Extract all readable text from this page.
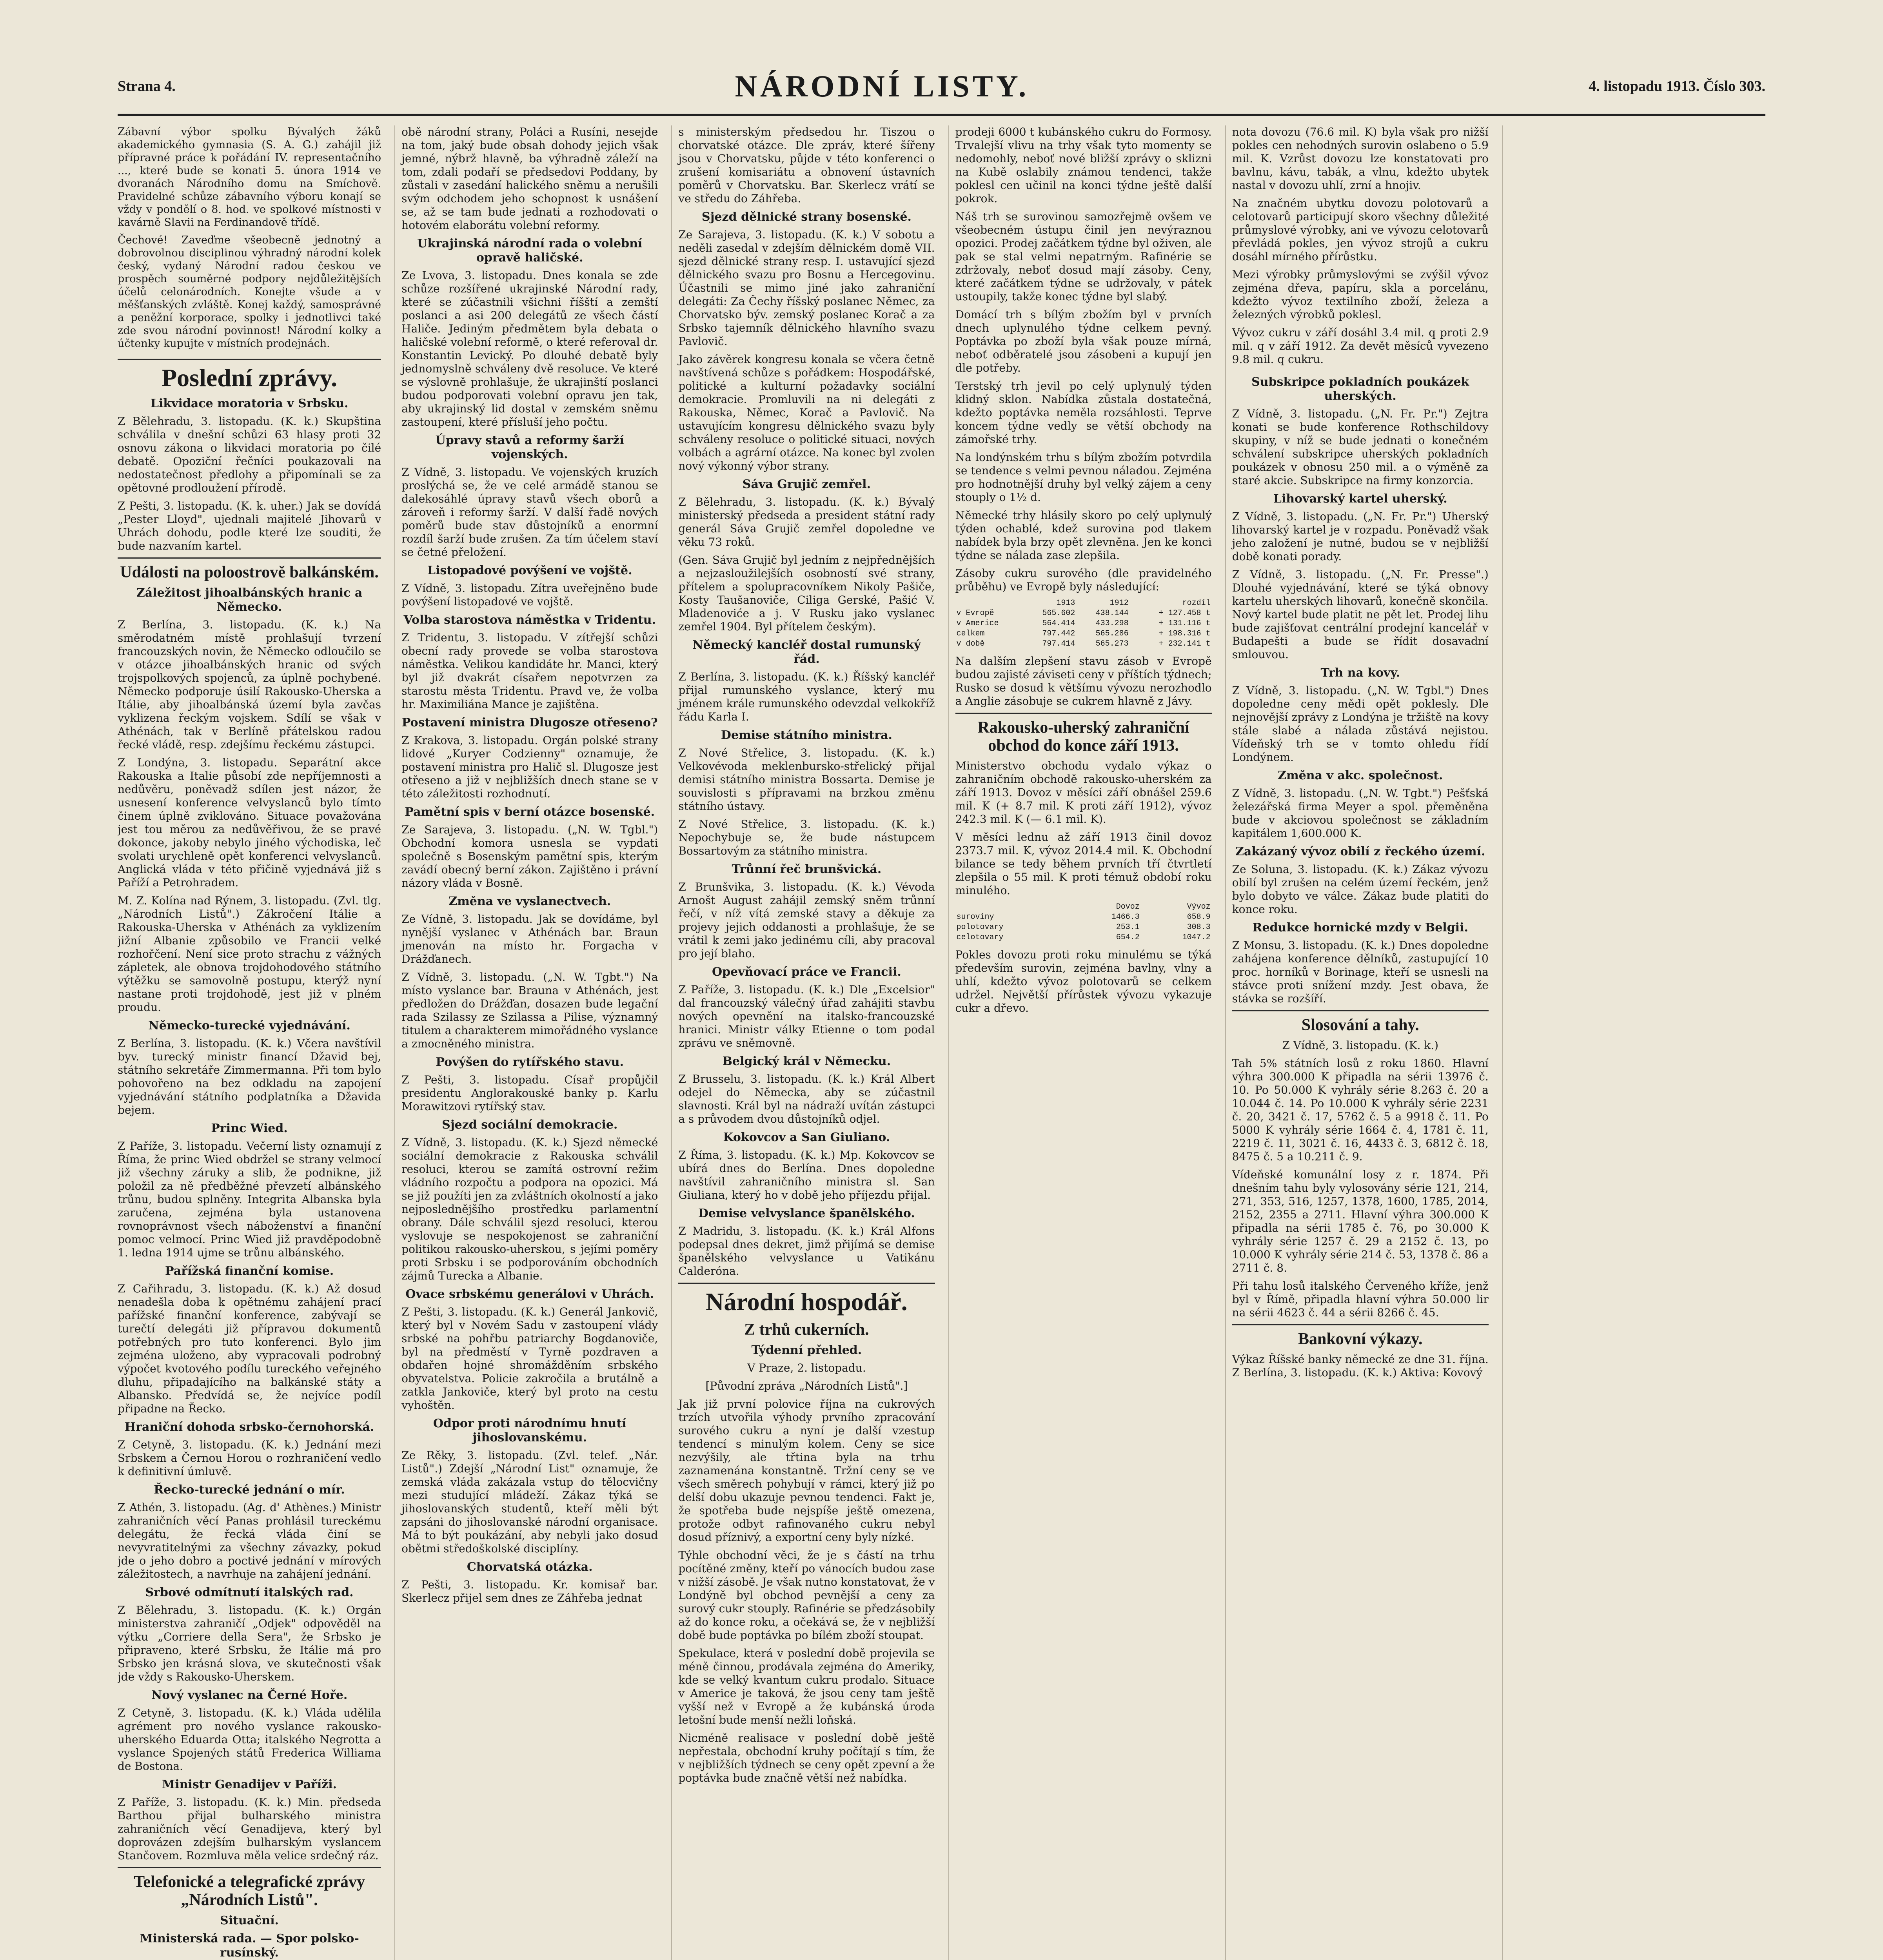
Strana 4.	NÁRODNÍ LISTY.	4. listopadu 1913. Číslo 303.

Zábavní výbor spolku Bývalých žáků akademického gymnasia (S. A. G.) zahájil již přípravné práce k pořádání IV. representačního ..., které bude se konati 5. února 1914 ve dvoranách Národního domu na Smíchově. Pravidelné schůze zábavního výboru konají se vždy v pondělí o 8. hod. ve spolkové místnosti v kavárně Slavii na Ferdinandově třídě.

Čechové! Zaveďme všeobecně jednotný a dobrovolnou disciplinou výhradný národní kolek český, vydaný Národní radou českou ve prospěch souměrné podpory nejdůležitějších účelů celonárodních. Konejte všude a v měšťanských zvláště. Konej každý, samosprávné a peněžní korporace, spolky i jednotlivci také zde svou národní povinnost! Národní kolky a účtenky kupujte v místních prodejnách.

Poslední zprávy.
Likvidace moratoria v Srbsku.

Z Bělehradu, 3. listopadu. (K. k.) Skupština schválila v dnešní schůzi 63 hlasy proti 32 osnovu zákona o likvidaci moratoria po čilé debatě. Opoziční řečníci poukazovali na nedostatečnost předlohy a připomínali se za opětovné prodloužení přírodě.

Z Pešti, 3. listopadu. (K. k. uher.) Jak se dovídá „Pester Lloyd", ujednali majitelé Jihovarů v Uhrách dohodu, podle které lze souditi, že bude nazvaním kartel.

Události na poloostrově balkánském.
Záležitost jihoalbánských hranic a Německo.

Z Berlína, 3. listopadu. (K. k.) Na směrodatném místě prohlašují tvrzení francouzských novin, že Německo odloučilo se v otázce jihoalbánských hranic od svých trojspolkových spojenců, za úplně pochybené. Německo podporuje úsilí Rakousko-Uherska a Itálie, aby jihoalbánská území byla zavčas vyklizena řeckým vojskem. Sdílí se však v Athénách, tak v Berlíně přátelskou radou řecké vládě, resp. zdejšímu řeckému zástupci.

Z Londýna, 3. listopadu. Separátní akce Rakouska a Italie působí zde nepříjemnosti a nedůvěru, poněvadž sdílen jest názor, že usnesení konference velvyslanců bylo tímto činem úplně zviklováno. Situace považována jest tou měrou za nedůvěřivou, že se pravé dokonce, jakoby nebylo jiného východiska, leč svolati urychleně opět konferenci velvyslanců. Anglická vláda v této přičině vyjednává již s Paříží a Petrohradem.

M. Z. Kolína nad Rýnem, 3. listopadu. (Zvl. tlg. „Národních Listů".) Zákročení Itálie a Rakouska-Uherska v Athénách za vyklizením jižní Albanie způsobilo ve Francii velké rozhořčení. Není sice proto strachu z vážných zápletek, ale obnova trojdohodového státního výtěžku se samovolně postupu, kterýž nyní nastane proti trojdohodě, jest již v plném proudu.

Německo-turecké vyjednávání.

Z Berlína, 3. listopadu. (K. k.) Včera navštívil byv. turecký ministr financí Džavid bej, státního sekretáře Zimmermanna. Při tom bylo pohovořeno na bez odkladu na zapojení vyjednávání státního podplatníka a Džavida bejem.

Princ Wied.

Z Paříže, 3. listopadu. Večerní listy oznamují z Říma, že princ Wied obdržel se strany velmocí již všechny záruky a slib, že podnikne, již položil za ně předběžné převzetí albánského trůnu, budou splněny. Integrita Albanska byla zaručena, zejména byla ustanovena rovnoprávnost všech náboženství a finanční pomoc velmocí. Princ Wied již pravděpodobně 1. ledna 1914 ujme se trůnu albánského.

Pařížská finanční komise.

Z Cařihradu, 3. listopadu. (K. k.) Až dosud nenadešla doba k opětnému zahájení prací pařížské finanční konference, zabývají se turečtí delegáti již přípravou dokumentů potřebných pro tuto konferenci. Bylo jim zejména uloženo, aby vypracovali podrobný výpočet kvotového podílu tureckého veřejného dluhu, připadajícího na balkánské státy a Albansko. Předvídá se, že nejvíce podíl připadne na Řecko.

Hraniční dohoda srbsko-černohorská.

Z Cetyně, 3. listopadu. (K. k.) Jednání mezi Srbskem a Černou Horou o rozhraničení vedlo k definitivní úmluvě.

Řecko-turecké jednání o mír.

Z Athén, 3. listopadu. (Ag. d' Athènes.) Ministr zahraničních věcí Panas prohlásil tureckému delegátu, že řecká vláda činí se nevyvratitelnými za všechny závazky, pokud jde o jeho dobro a poctivé jednání v mírových záležitostech, a navrhuje na zahájení jednání.

Srbové odmítnutí italských rad.

Z Bělehradu, 3. listopadu. (K. k.) Orgán ministerstva zahraničí „Odjek" odpověděl na výtku „Corriere della Sera", že Srbsko je připraveno, které Srbsku, že Itálie má pro Srbsko jen krásná slova, ve skutečnosti však jde vždy s Rakousko-Uherskem.

Nový vyslanec na Černé Hoře.

Z Cetyně, 3. listopadu. (K. k.) Vláda udělila agrément pro nového vyslance rakousko-uherského Eduarda Otta; italského Negrotta a vyslance Spojených států Frederica Williama de Bostona.

Ministr Genadijev v Paříži.

Z Paříže, 3. listopadu. (K. k.) Min. předseda Barthou přijal bulharského ministra zahraničních věcí Genadijeva, který byl doprovázen zdejším bulharským vyslancem Stančovem. Rozmluva měla velice srdečný ráz.

Telefonické a telegrafické zprávy „Národních Listů".
Situační.
Ministerská rada. — Spor polsko-rusínský.

obě národní strany, Poláci a Rusíni, nesejde na tom, jaký bude obsah dohody jejich však jemné, nýbrž hlavně, ba výhradně záleží na tom, zdali podaří se předsedovi Poddany, by zůstali v zasedání halického sněmu a nerušili svým odchodem jeho schopnost k usnášení se, až se tam bude jednati a rozhodovati o hotovém elaborátu volební reformy.

Ukrajinská národní rada o volební opravě haličské.

Ze Lvova, 3. listopadu. Dnes konala se zde schůze rozšířené ukrajinské Národní rady, které se zúčastnili všichni říšští a zemští poslanci a asi 200 delegátů ze všech částí Haliče. Jediným předmětem byla debata o haličské volební reformě, o které referoval dr. Konstantin Levický. Po dlouhé debatě byly jednomyslně schváleny dvě resoluce. Ve které se výslovně prohlašuje, že ukrajinští poslanci budou podporovati volební opravu jen tak, aby ukrajinský lid dostal v zemském sněmu zastoupení, které přísluší jeho počtu.

Úpravy stavů a reformy šarží vojenských.

Z Vídně, 3. listopadu. Ve vojenských kruzích proslýchá se, že ve celé armádě stanou se dalekosáhlé úpravy stavů všech oborů a zároveň i reformy šarží. V další řadě nových poměrů bude stav důstojníků a enormní rozdíl šarží bude zrušen. Za tím účelem staví se četné přeložení.

Listopadové povýšení ve vojště.

Z Vídně, 3. listopadu. Zítra uveřejněno bude povýšení listopadové ve vojště.

Volba starostova náměstka v Tridentu.

Z Tridentu, 3. listopadu. V zítřejší schůzi obecní rady provede se volba starostova náměstka. Velikou kandidáte hr. Manci, který byl již dvakrát císařem nepotvrzen za starostu města Tridentu. Pravd ve, že volba hr. Maximiliána Mance je zajištěna.

Postavení ministra Dlugosze otřeseno?

Z Krakova, 3. listopadu. Orgán polské strany lidové „Kuryer Codzienny" oznamuje, že postavení ministra pro Halič sl. Dlugosze jest otřeseno a již v nejbližších dnech stane se v této záležitosti rozhodnutí.

Pamětní spis v berní otázce bosenské.

Ze Sarajeva, 3. listopadu. („N. W. Tgbl.") Obchodní komora usnesla se vypdati společně s Bosenským pamětní spis, kterým zavádí obecný berní zákon. Zajištěno i právní názory vláda v Bosně.

Změna ve vyslanectvech.

Ze Vídně, 3. listopadu. Jak se dovídáme, byl nynější vyslanec v Athénách bar. Braun jmenován na místo hr. Forgacha v Drážďanech.

Z Vídně, 3. listopadu. („N. W. Tgbt.") Na místo vyslance bar. Brauna v Athénách, jest předložen do Drážďan, dosazen bude legační rada Szilassy ze Szilassa a Pilise, významný titulem a charakterem mimořádného vyslance a zmocněného ministra.

Povýšen do rytířského stavu.

Z Pešti, 3. listopadu. Císař propůjčil presidentu Anglorakouské banky p. Karlu Morawitzovi rytířský stav.

Sjezd sociální demokracie.

Z Vídně, 3. listopadu. (K. k.) Sjezd německé sociální demokracie z Rakouska schválil resoluci, kterou se zamítá ostrovní režim vládního rozpočtu a podpora na opozici. Má se již použíti jen za zvláštních okolností a jako nejposlednějšího prostředku parlamentní obrany. Dále schválil sjezd resoluci, kterou vyslovuje se nespokojenost se zahraniční politikou rakousko-uherskou, s jejími poměry proti Srbsku i se podporováním obchodních zájmů Turecka a Albanie.

Ovace srbskému generálovi v Uhrách.

Z Pešti, 3. listopadu. (K. k.) Generál Jankovič, který byl v Novém Sadu v zastoupení vlády srbské na pohřbu patriarchy Bogdanoviče, byl na předměstí v Tyrně pozdraven a obdařen hojné shromážděním srbského obyvatelstva. Policie zakročila a brutálně a zatkla Jankoviče, který byl proto na cestu vyhoštěn.

Odpor proti národnímu hnutí jihoslovanskému.

Ze Rěky, 3. listopadu. (Zvl. telef. „Nár. Listů".) Zdejší „Národní List" oznamuje, že zemská vláda zakázala vstup do tělocvičny mezi studující mládeží. Zákaz týká se jihoslovanských studentů, kteří měli být zapsáni do jihoslovanské národní organisace. Má to být poukázání, aby nebyli jako dosud obětmi středoškolské disciplíny.

Chorvatská otázka.

Z Pešti, 3. listopadu. Kr. komisař bar. Skerlecz přijel sem dnes ze Záhřeba jednat

s ministerským předsedou hr. Tiszou o chorvatské otázce. Dle zpráv, které šířeny jsou v Chorvatsku, půjde v této konferenci o zrušení komisariátu a obnovení ústavních poměrů v Chorvatsku. Bar. Skerlecz vrátí se ve středu do Záhřeba.

Sjezd dělnické strany bosenské.

Ze Sarajeva, 3. listopadu. (K. k.) V sobotu a neděli zasedal v zdejším dělnickém domě VII. sjezd dělnické strany resp. I. ustavující sjezd dělnického svazu pro Bosnu a Hercegovinu. Účastnili se mimo jiné jako zahraniční delegáti: Za Čechy říšský poslanec Němec, za Chorvatsko býv. zemský poslanec Korač a za Srbsko tajemník dělnického hlavního svazu Pavlovič.

Jako závěrek kongresu konala se včera četně navštívená schůze s pořádkem: Hospodářské, politické a kulturní požadavky sociální demokracie. Promluvili na ni delegáti z Rakouska, Němec, Korač a Pavlovič. Na ustavujícím kongresu dělnického svazu byly schváleny resoluce o politické situaci, nových volbách a agrární otázce. Na konec byl zvolen nový výkonný výbor strany.

Sáva Grujič zemřel.

Z Bělehradu, 3. listopadu. (K. k.) Bývalý ministerský předseda a president státní rady generál Sáva Grujič zemřel dopoledne ve věku 73 roků.

(Gen. Sáva Grujič byl jedním z nejpřednějších a nejzasloužilejších osobností své strany, přítelem a spolupracovníkem Nikoly Pašiče, Kosty Taušanoviče, Ciliga Gerské, Pašić V. Mladenoviće a j. V Rusku jako vyslanec zemřel 1904. Byl přítelem českým).

Německý kancléř dostal rumunský řád.

Z Berlína, 3. listopadu. (K. k.) Říšský kancléř přijal rumunského vyslance, který mu jménem krále rumunského odevzdal velkokříž řádu Karla I.

Demise státního ministra.

Z Nové Střelice, 3. listopadu. (K. k.) Velkovévoda meklenbursko-střelický přijal demisi státního ministra Bossarta. Demise je souvislosti s přípravami na brzkou změnu státního ústavy.

Z Nové Střelice, 3. listopadu. (K. k.) Nepochybuje se, že bude nástupcem Bossartovým za státního ministra.

Trůnní řeč brunšvická.

Z Brunšvika, 3. listopadu. (K. k.) Vévoda Arnošt August zahájil zemský sněm trůnní řečí, v níž vítá zemské stavy a děkuje za projevy jejich oddanosti a prohlašuje, že se vrátil k zemi jako jedinému cíli, aby pracoval pro její blaho.

Opevňovací práce ve Francii.

Z Paříže, 3. listopadu. (K. k.) Dle „Excelsior" dal francouzský válečný úřad zahájiti stavbu nových opevnění na italsko-francouzské hranici. Ministr války Etienne o tom podal zprávu ve sněmovně.

Belgický král v Německu.

Z Brusselu, 3. listopadu. (K. k.) Král Albert odejel do Německa, aby se zúčastnil slavnosti. Král byl na nádraží uvítán zástupci a s průvodem dvou důstojníků odjel.

Kokovcov a San Giuliano.

Z Říma, 3. listopadu. (K. k.) Mp. Kokovcov se ubírá dnes do Berlína. Dnes dopoledne navštívil zahraničního ministra sl. San Giuliana, který ho v době jeho příjezdu přijal.

Demise velvyslance španělského.

Z Madridu, 3. listopadu. (K. k.) Král Alfons podepsal dnes dekret, jimž přijímá se demise španělského velvyslance u Vatikánu Calderóna.

Národní hospodář.
Z trhů cukerních.
Týdenní přehled.

V Praze, 2. listopadu.

[Původní zpráva „Národních Listů".]

Jak již první polovice října na cukrových trzích utvořila výhody prvního zpracování surového cukru a nyní je další vzestup tendencí s minulým kolem. Ceny se sice nezvýšily, ale třtina byla na trhu zaznamenána konstantně. Tržní ceny se ve všech směrech pohybují v rámci, který již po delší dobu ukazuje pevnou tendenci. Fakt je, že spotřeba bude nejspíše ještě omezena, protože odbyt rafinovaného cukru nebyl dosud příznivý, a exportní ceny byly nízké.

Týhle obchodní věci, že je s částí na trhu pocítěné změny, kteří po vánocích budou zase v nižší zásobě. Je však nutno konstatovat, že v Londýně byl obchod pevnější a ceny za surový cukr stouply. Rafinérie se předzásobily až do konce roku, a očekává se, že v nejbližší době bude poptávka po bílém zboží stoupat.

Spekulace, která v poslední době projevila se méně činnou, prodávala zejména do Ameriky, kde se velký kvantum cukru prodalo. Situace v Americe je taková, že jsou ceny tam ještě vyšší než v Evropě a že kubánská úroda letošní bude menší nežli loňská.

Nicméně realisace v poslední době ještě nepřestala, obchodní kruhy počítají s tím, že v nejbližších týdnech se ceny opět zpevní a že poptávka bude značně větší než nabídka.

prodeji 6000 t kubánského cukru do Formosy. Trvalejší vlivu na trhy však tyto momenty se nedomohly, neboť nové bližší zprávy o sklizni na Kubě oslabily známou tendenci, takže poklesl cen učinil na konci týdne ještě další pokrok.

Náš trh se surovinou samozřejmě ovšem ve všeobecném ústupu činil jen nevýraznou opozici. Prodej začátkem týdne byl oživen, ale pak se stal velmi nepatrným. Rafinérie se zdržovaly, neboť dosud mají zásoby. Ceny, které začátkem týdne se udržovaly, v pátek ustoupily, takže konec týdne byl slabý.

Domácí trh s bílým zbožím byl v prvních dnech uplynulého týdne celkem pevný. Poptávka po zboží byla však pouze mírná, neboť odběratelé jsou zásobeni a kupují jen dle potřeby.

Terstský trh jevil po celý uplynulý týden klidný sklon. Nabídka zůstala dostatečná, kdežto poptávka neměla rozsáhlosti. Teprve koncem týdne vedly se větší obchody na zámořské trhy.

Na londýnském trhu s bílým zbožím potvrdila se tendence s velmi pevnou náladou. Zejména pro hodnotnější druhy byl velký zájem a ceny stouply o 1½ d.

Německé trhy hlásily skoro po celý uplynulý týden ochablé, kdež surovina pod tlakem nabídek byla brzy opět zlevněna. Jen ke konci týdne se nálada zase zlepšila.

Zásoby cukru surového (dle pravidelného průběhu) ve Evropě byly následující:

	1913	1912	rozdíl
v Evropě	565.602	438.144	+ 127.458 t
v Americe	564.414	433.298	+ 131.116 t
celkem	797.442	565.286	+ 198.316 t
v době	797.414	565.273	+ 232.141 t

Na dalším zlepšení stavu zásob v Evropě budou zajisté záviseti ceny v příštích týdnech; Rusko se dosud k většímu vývozu nerozhodlo a Anglie zásobuje se cukrem hlavně z Jávy.

Rakousko-uherský zahraniční obchod do konce září 1913.

Ministerstvo obchodu vydalo výkaz o zahraničním obchodě rakousko-uherském za září 1913. Dovoz v měsíci září obnášel 259.6 mil. K (+ 8.7 mil. K proti září 1912), vývoz 242.3 mil. K (— 6.1 mil. K).

V měsíci lednu až září 1913 činil dovoz 2373.7 mil. K, vývoz 2014.4 mil. K. Obchodní bilance se tedy během prvních tří čtvrtletí zlepšila o 55 mil. K proti témuž období roku minulého.

	Dovoz	Vývoz
suroviny	1466.3	658.9
polotovary	253.1	308.3
celotovary	654.2	1047.2

Pokles dovozu proti roku minulému se týká především surovin, zejména bavlny, vlny a uhlí, kdežto vývoz polotovarů se celkem udržel. Největší přírůstek vývozu vykazuje cukr a dřevo.

nota dovozu (76.6 mil. K) byla však pro nižší pokles cen nehodných surovin oslabeno o 5.9 mil. K. Vzrůst dovozu lze konstatovati pro bavlnu, kávu, tabák, a vlnu, kdežto ubytek nastal v dovozu uhlí, zrní a hnojiv.

Na značném ubytku dovozu polotovarů a celotovarů participují skoro všechny důležité průmyslové výrobky, ani ve vývozu celotovarů převládá pokles, jen vývoz strojů a cukru dosáhl mírného přírůstku.

Mezi výrobky průmyslovými se zvýšil vývoz zejména dřeva, papíru, skla a porcelánu, kdežto vývoz textilního zboží, železa a železných výrobků poklesl.

Vývoz cukru v září dosáhl 3.4 mil. q proti 2.9 mil. q v září 1912. Za devět měsíců vyvezeno 9.8 mil. q cukru.

Subskripce pokladních poukázek uherských.

Z Vídně, 3. listopadu. („N. Fr. Pr.") Zejtra konati se bude konference Rothschildovy skupiny, v níž se bude jednati o konečném schválení subskripce uherských pokladních poukázek v obnosu 250 mil. a o výměně za staré akcie. Subskripce na firmy konzorcia.

Lihovarský kartel uherský.

Z Vídně, 3. listopadu. („N. Fr. Pr.") Uherský lihovarský kartel je v rozpadu. Poněvadž však jeho založení je nutné, budou se v nejbližší době konati porady.

Z Vídně, 3. listopadu. („N. Fr. Presse".) Dlouhé vyjednávání, které se týká obnovy kartelu uherských lihovarů, konečně skončila. Nový kartel bude platit ne pět let. Prodej lihu bude zajišťovat centrální prodejní kancelář v Budapešti a bude se řídit dosavadní smlouvou.

Trh na kovy.

Z Vídně, 3. listopadu. („N. W. Tgbl.") Dnes dopoledne ceny mědi opět poklesly. Dle nejnovější zprávy z Londýna je tržiště na kovy stále slabé a nálada zůstává nejistou. Vídeňský trh se v tomto ohledu řídí Londýnem.

Změna v akc. společnost.

Z Vídně, 3. listopadu. („N. W. Tgbt.") Pešťská železářská firma Meyer a spol. přeměněna bude v akciovou společnost se základním kapitálem 1,600.000 K.

Zakázaný vývoz obilí z řeckého území.

Ze Soluna, 3. listopadu. (K. k.) Zákaz vývozu obilí byl zrušen na celém území řeckém, jenž bylo dobyto ve válce. Zákaz bude platiti do konce roku.

Redukce hornické mzdy v Belgii.

Z Monsu, 3. listopadu. (K. k.) Dnes dopoledne zahájena konference dělníků, zastupující 10 proc. horníků v Borinage, kteří se usnesli na stávce proti snížení mzdy. Jest obava, že stávka se rozšíří.

Slosování a tahy.

Z Vídně, 3. listopadu. (K. k.)

Tah 5% státních losů z roku 1860. Hlavní výhra 300.000 K připadla na sérii 13976 č. 10. Po 50.000 K vyhrály série 8.263 č. 20 a 10.044 č. 14. Po 10.000 K vyhrály série 2231 č. 20, 3421 č. 17, 5762 č. 5 a 9918 č. 11. Po 5000 K vyhrály série 1664 č. 4, 1781 č. 11, 2219 č. 11, 3021 č. 16, 4433 č. 3, 6812 č. 18, 8475 č. 5 a 10.211 č. 9.

Vídeňské komunální losy z r. 1874. Při dnešním tahu byly vylosovány série 121, 214, 271, 353, 516, 1257, 1378, 1600, 1785, 2014, 2152, 2355 a 2711. Hlavní výhra 300.000 K připadla na sérii 1785 č. 76, po 30.000 K vyhrály série 1257 č. 29 a 2152 č. 13, po 10.000 K vyhrály série 214 č. 53, 1378 č. 86 a 2711 č. 8.

Při tahu losů italského Červeného kříže, jenž byl v Římě, připadla hlavní výhra 50.000 lir na sérii 4623 č. 44 a sérii 8266 č. 45.

Bankovní výkazy.

Výkaz Říšské banky německé ze dne 31. října. Z Berlína, 3. listopadu. (K. k.) Aktiva: Kovový
